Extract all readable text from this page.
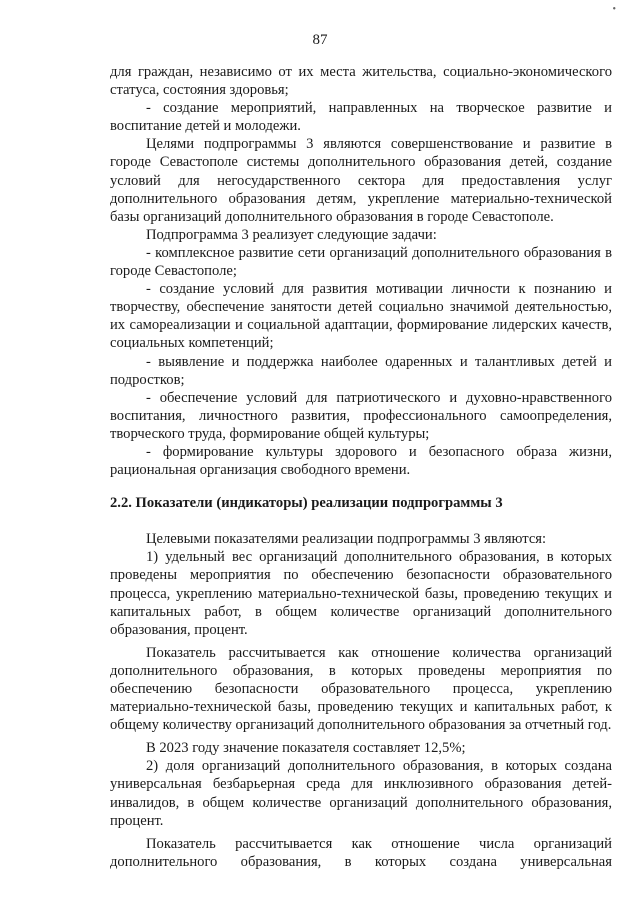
•
87

для граждан, независимо от их места жительства, социально-экономического статуса, состояния здоровья;

- создание мероприятий, направленных на творческое развитие и воспитание детей и молодежи.

Целями подпрограммы 3 являются совершенствование и развитие в городе Севастополе системы дополнительного образования детей, создание условий для негосударственного сектора для предоставления услуг дополнительного образования детям, укрепление материально-технической базы организаций дополнительного образования в городе Севастополе.

Подпрограмма 3 реализует следующие задачи:

- комплексное развитие сети организаций дополнительного образования в городе Севастополе;

- создание условий для развития мотивации личности к познанию и творчеству, обеспечение занятости детей социально значимой деятельностью, их самореализации и социальной адаптации, формирование лидерских качеств, социальных компетенций;

- выявление и поддержка наиболее одаренных и талантливых детей и подростков;

- обеспечение условий для патриотического и духовно-нравственного воспитания, личностного развития, профессионального самоопределения, творческого труда, формирование общей культуры;

- формирование культуры здорового и безопасного образа жизни, рациональная организация свободного времени.

2.2. Показатели (индикаторы) реализации подпрограммы 3

Целевыми показателями реализации подпрограммы 3 являются:

1) удельный вес организаций дополнительного образования, в которых проведены мероприятия по обеспечению безопасности образовательного процесса, укреплению материально-технической базы, проведению текущих и капитальных работ, в общем количестве организаций дополнительного образования, процент.

Показатель рассчитывается как отношение количества организаций дополнительного образования, в которых проведены мероприятия по обеспечению безопасности образовательного процесса, укреплению материально-технической базы, проведению текущих и капитальных работ, к общему количеству организаций дополнительного образования за отчетный год.

В 2023 году значение показателя составляет 12,5%;

2) доля организаций дополнительного образования, в которых создана универсальная безбарьерная среда для инклюзивного образования детей-инвалидов, в общем количестве организаций дополнительного образования, процент.

Показатель рассчитывается как отношение числа организаций дополнительного образования, в которых создана универсальная
